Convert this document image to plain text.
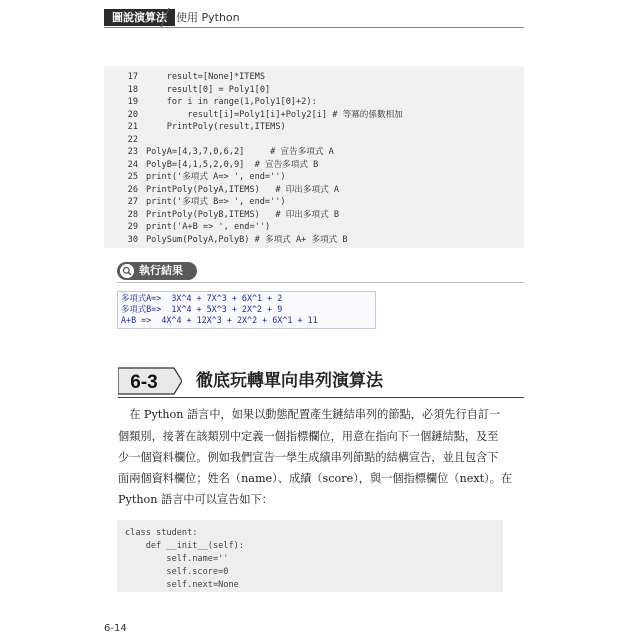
圖說演算法 使用 Python
17    result=[None]*ITEMS
18    result[0] = Poly1[0]
19    for i in range(1,Poly1[0]+2):
20        result[i]=Poly1[i]+Poly2[i] # 等冪的係數相加
21    PrintPoly(result,ITEMS)
22
23 PolyA=[4,3,7,0,6,2]     # 宣告多項式 A
24 PolyB=[4,1,5,2,0,9]  # 宣告多項式 B
25 print('多項式 A=> ', end='')
26 PrintPoly(PolyA,ITEMS)   # 印出多項式 A
27 print('多項式 B=> ', end='')
28 PrintPoly(PolyB,ITEMS)   # 印出多項式 B
29 print('A+B => ', end='')
30 PolySum(PolyA,PolyB) # 多項式 A+ 多項式 B
執行結果
多項式A=>  3X^4 + 7X^3 + 6X^1 + 2
多項式B=>  1X^4 + 5X^3 + 2X^2 + 9
A+B =>  4X^4 + 12X^3 + 2X^2 + 6X^1 + 11
6-3 徹底玩轉單向串列演算法
　在 Python 語言中，如果以動態配置產生鏈結串列的節點，必須先行自訂一
個類別，接著在該類別中定義一個指標欄位，用意在指向下一個鏈結點，及至
少一個資料欄位。例如我們宣告一學生成績串列節點的結構宣告，並且包含下
面兩個資料欄位；姓名（name）、成績（score），與一個指標欄位（next）。在
Python 語言中可以宣告如下：
class student:
def __init__(self):
self.name=''
self.score=0
self.next=None
6-14
